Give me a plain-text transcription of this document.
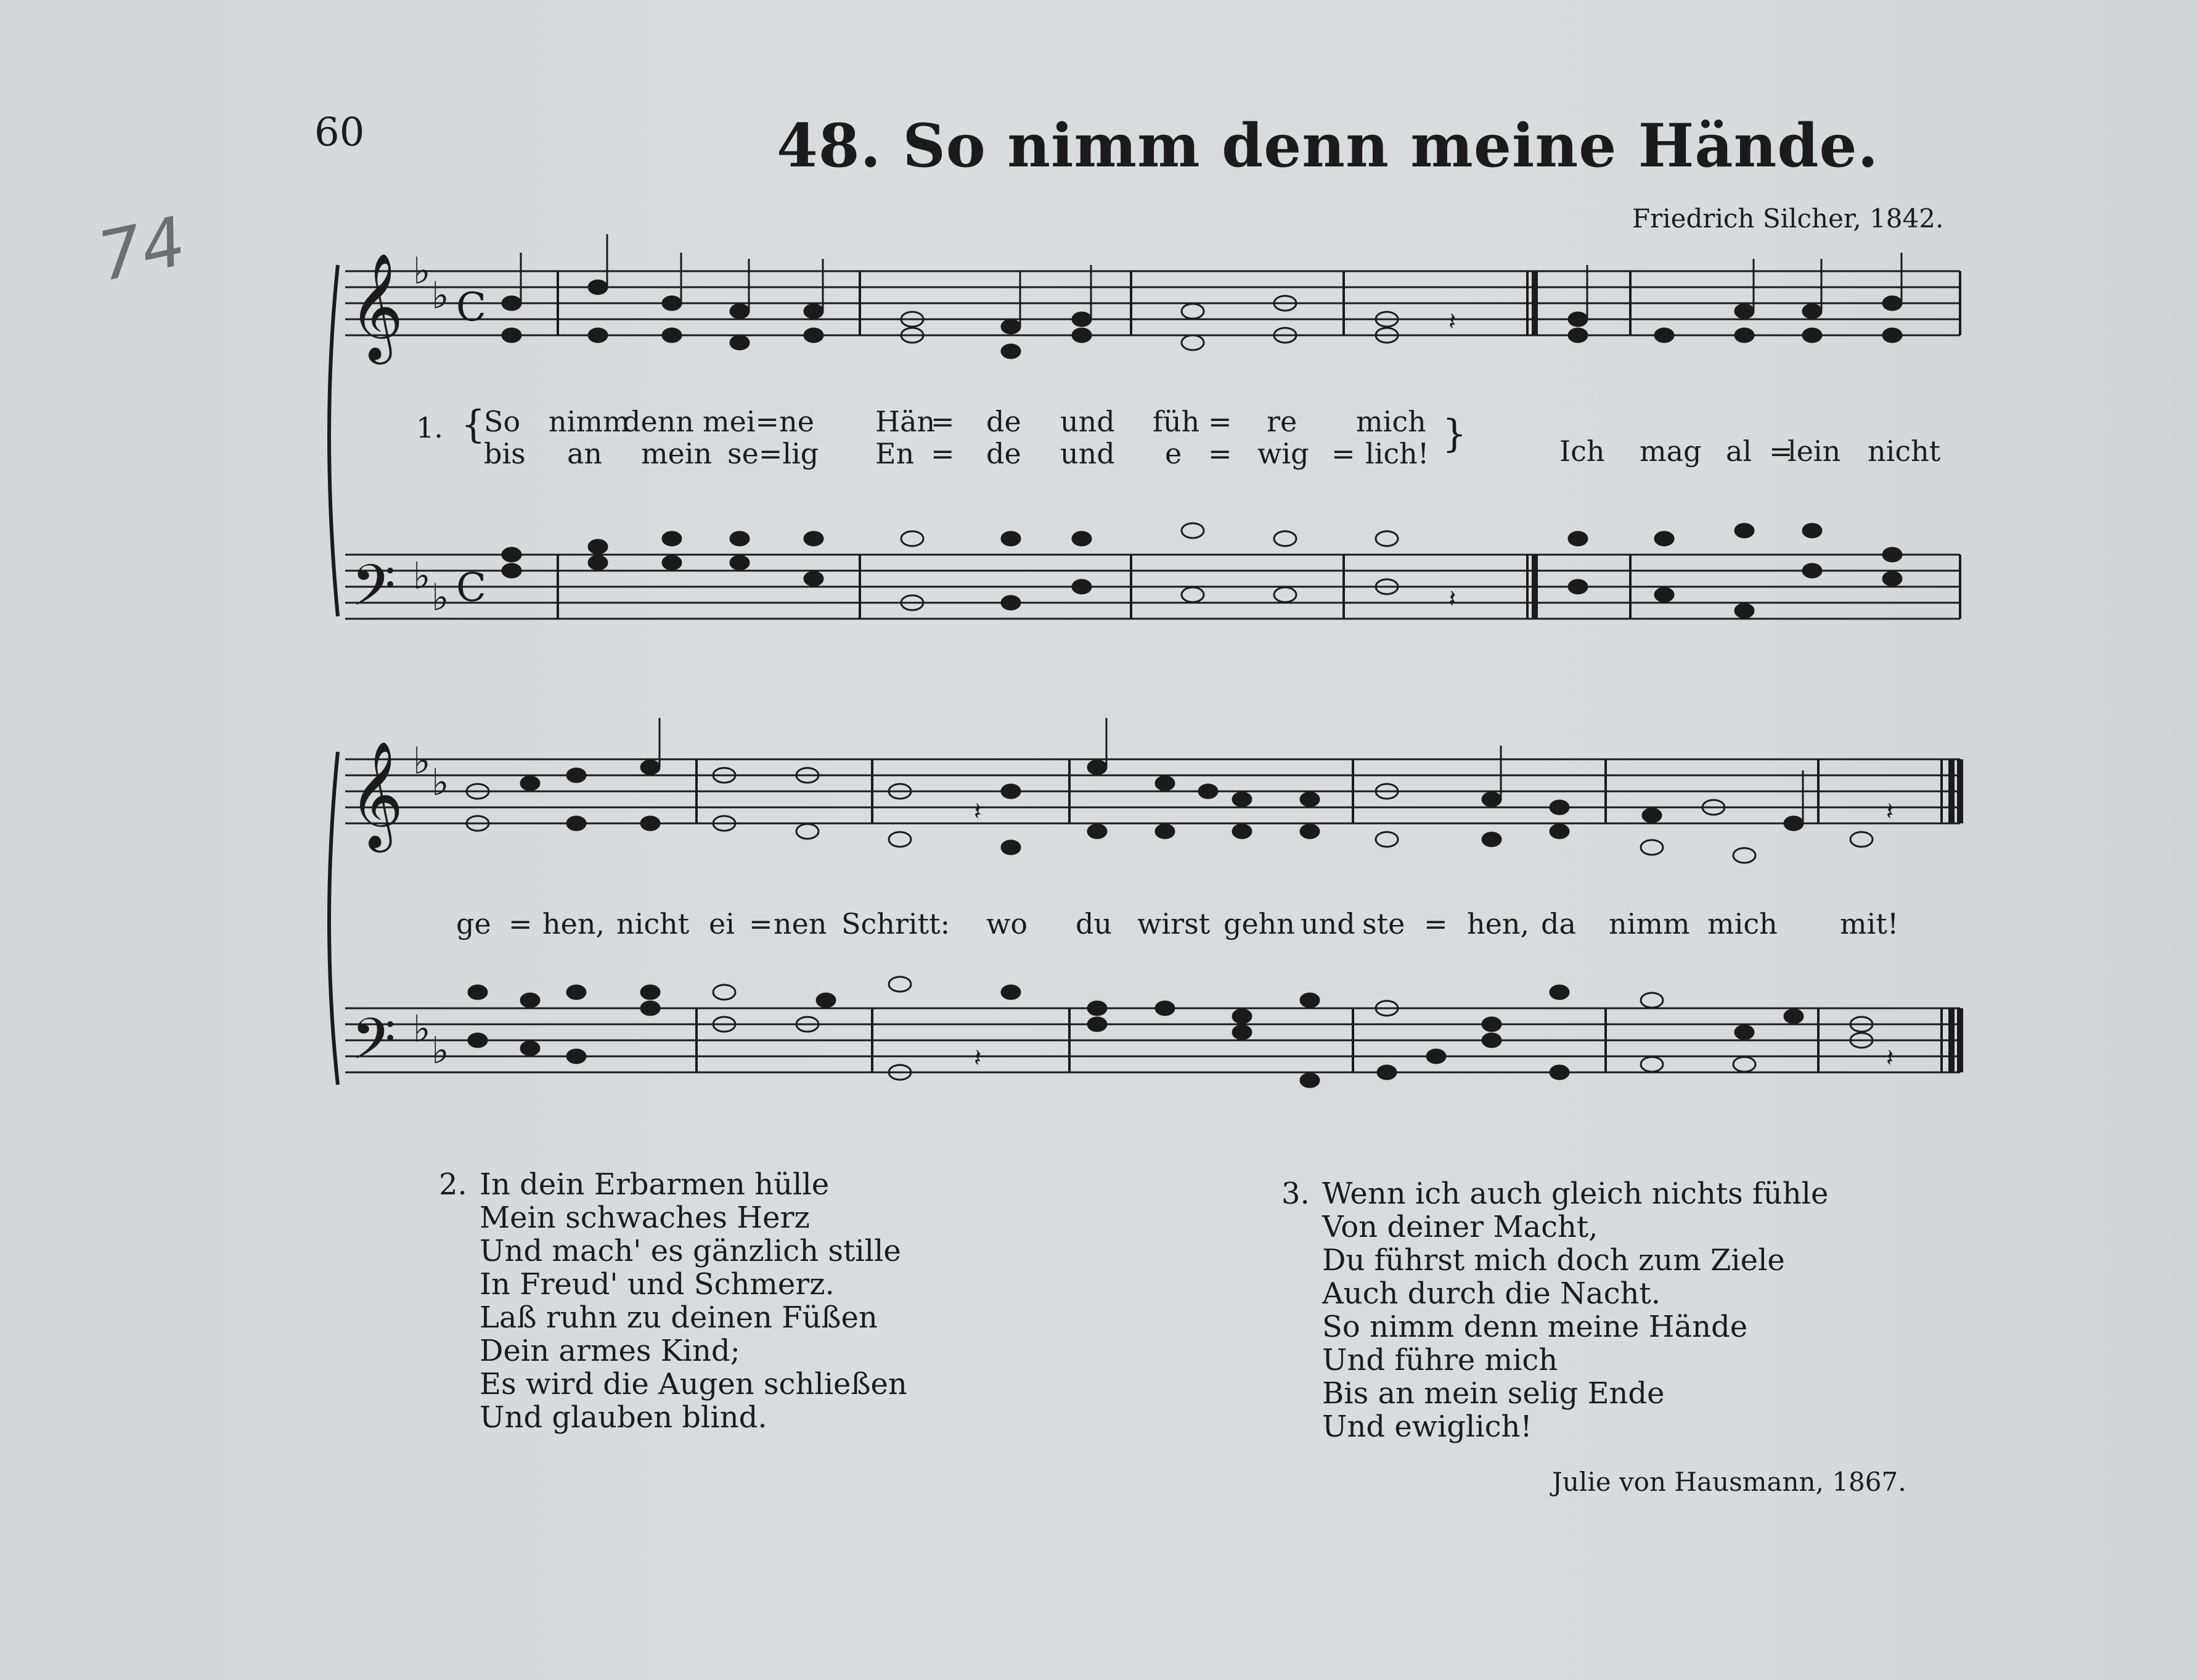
60
74
48. So nimm denn meine Hände.
Friedrich Silcher, 1842.
𝄞
𝄢
𝄞
𝄢
♭
♭ C
♭ ♭ C
♭ ♭
♭ ♭
𝄽
𝄽	𝄽
𝄽
𝄽	𝄽
1. {
So nimm
denn mei=ne Hän
= de und füh = re mich }
bis an mein se=lig En = de und e = wig = lich!	Ich mag al =
lein nicht
ge = hen, nicht ei = nen Schritt: wo du wirst gehn und ste = hen, da nimm mich mit!
2. In dein Erbarmen hülle
Mein schwaches Herz
Und mach' es gänzlich stille
In Freud' und Schmerz.
Laß ruhn zu deinen Füßen
Dein armes Kind;
Es wird die Augen schließen
Und glauben blind.
3. Wenn ich auch gleich nichts fühle
Von deiner Macht,
Du führst mich doch zum Ziele
Auch durch die Nacht.
So nimm denn meine Hände
Und führe mich
Bis an mein selig Ende
Und ewiglich!
Julie von Hausmann, 1867.
